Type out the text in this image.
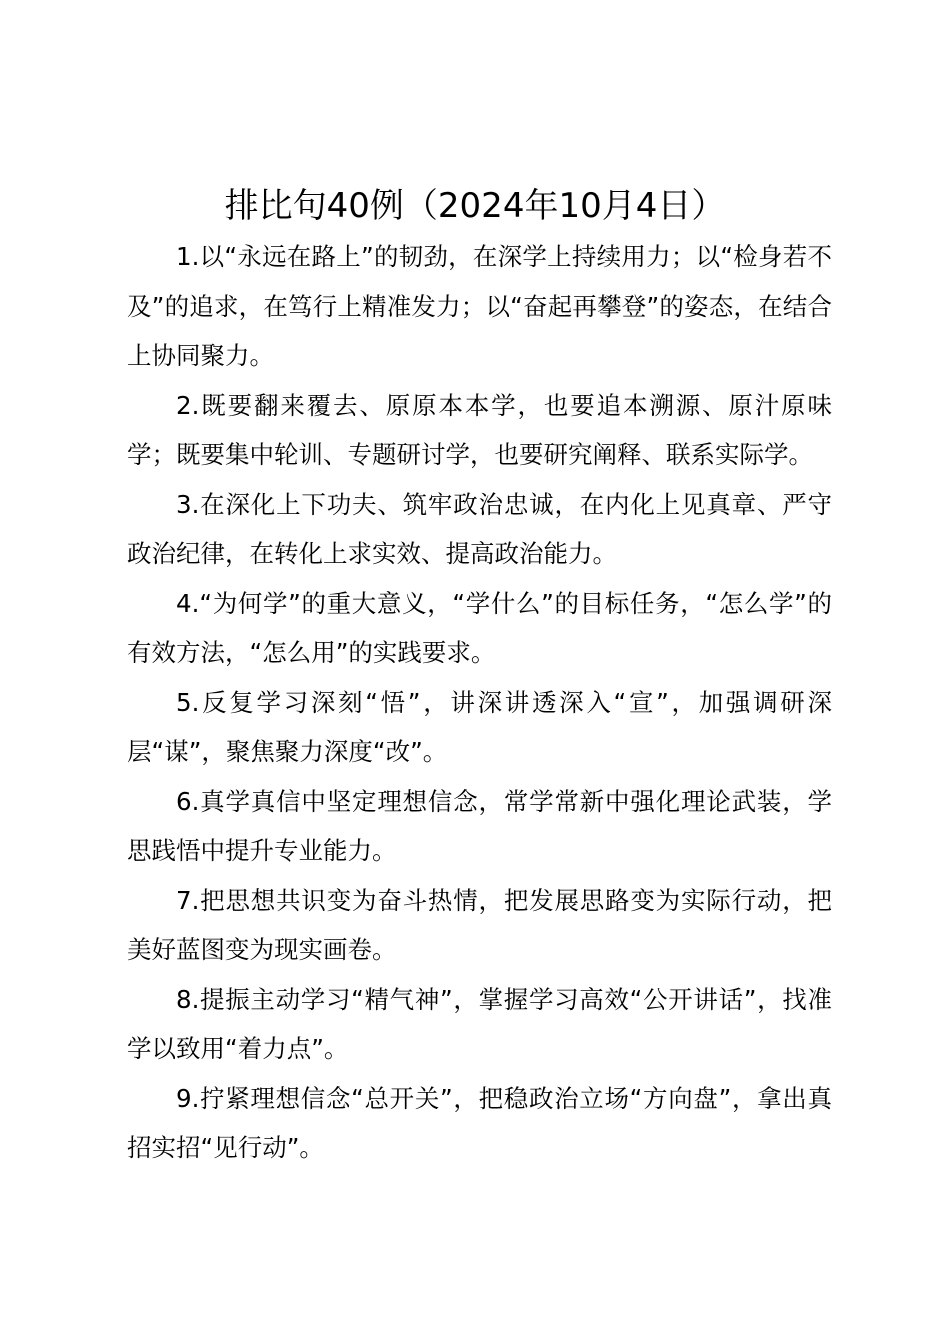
排比句40例（2024年10月4日）

1.以“永远在路上”的韧劲，在深学上持续用力；以“检身若不及”的追求，在笃行上精准发力；以“奋起再攀登”的姿态，在结合上协同聚力。

2.既要翻来覆去、原原本本学，也要追本溯源、原汁原味学；既要集中轮训、专题研讨学，也要研究阐释、联系实际学。

3.在深化上下功夫、筑牢政治忠诚，在内化上见真章、严守政治纪律，在转化上求实效、提高政治能力。

4.“为何学”的重大意义，“学什么”的目标任务，“怎么学”的有效方法，“怎么用”的实践要求。

5.反复学习深刻“悟”，讲深讲透深入“宣”，加强调研深层“谋”，聚焦聚力深度“改”。

6.真学真信中坚定理想信念，常学常新中强化理论武装，学思践悟中提升专业能力。

7.把思想共识变为奋斗热情，把发展思路变为实际行动，把美好蓝图变为现实画卷。

8.提振主动学习“精气神”，掌握学习高效“公开讲话”，找准学以致用“着力点”。

9.拧紧理想信念“总开关”，把稳政治立场“方向盘”，拿出真招实招“见行动”。
